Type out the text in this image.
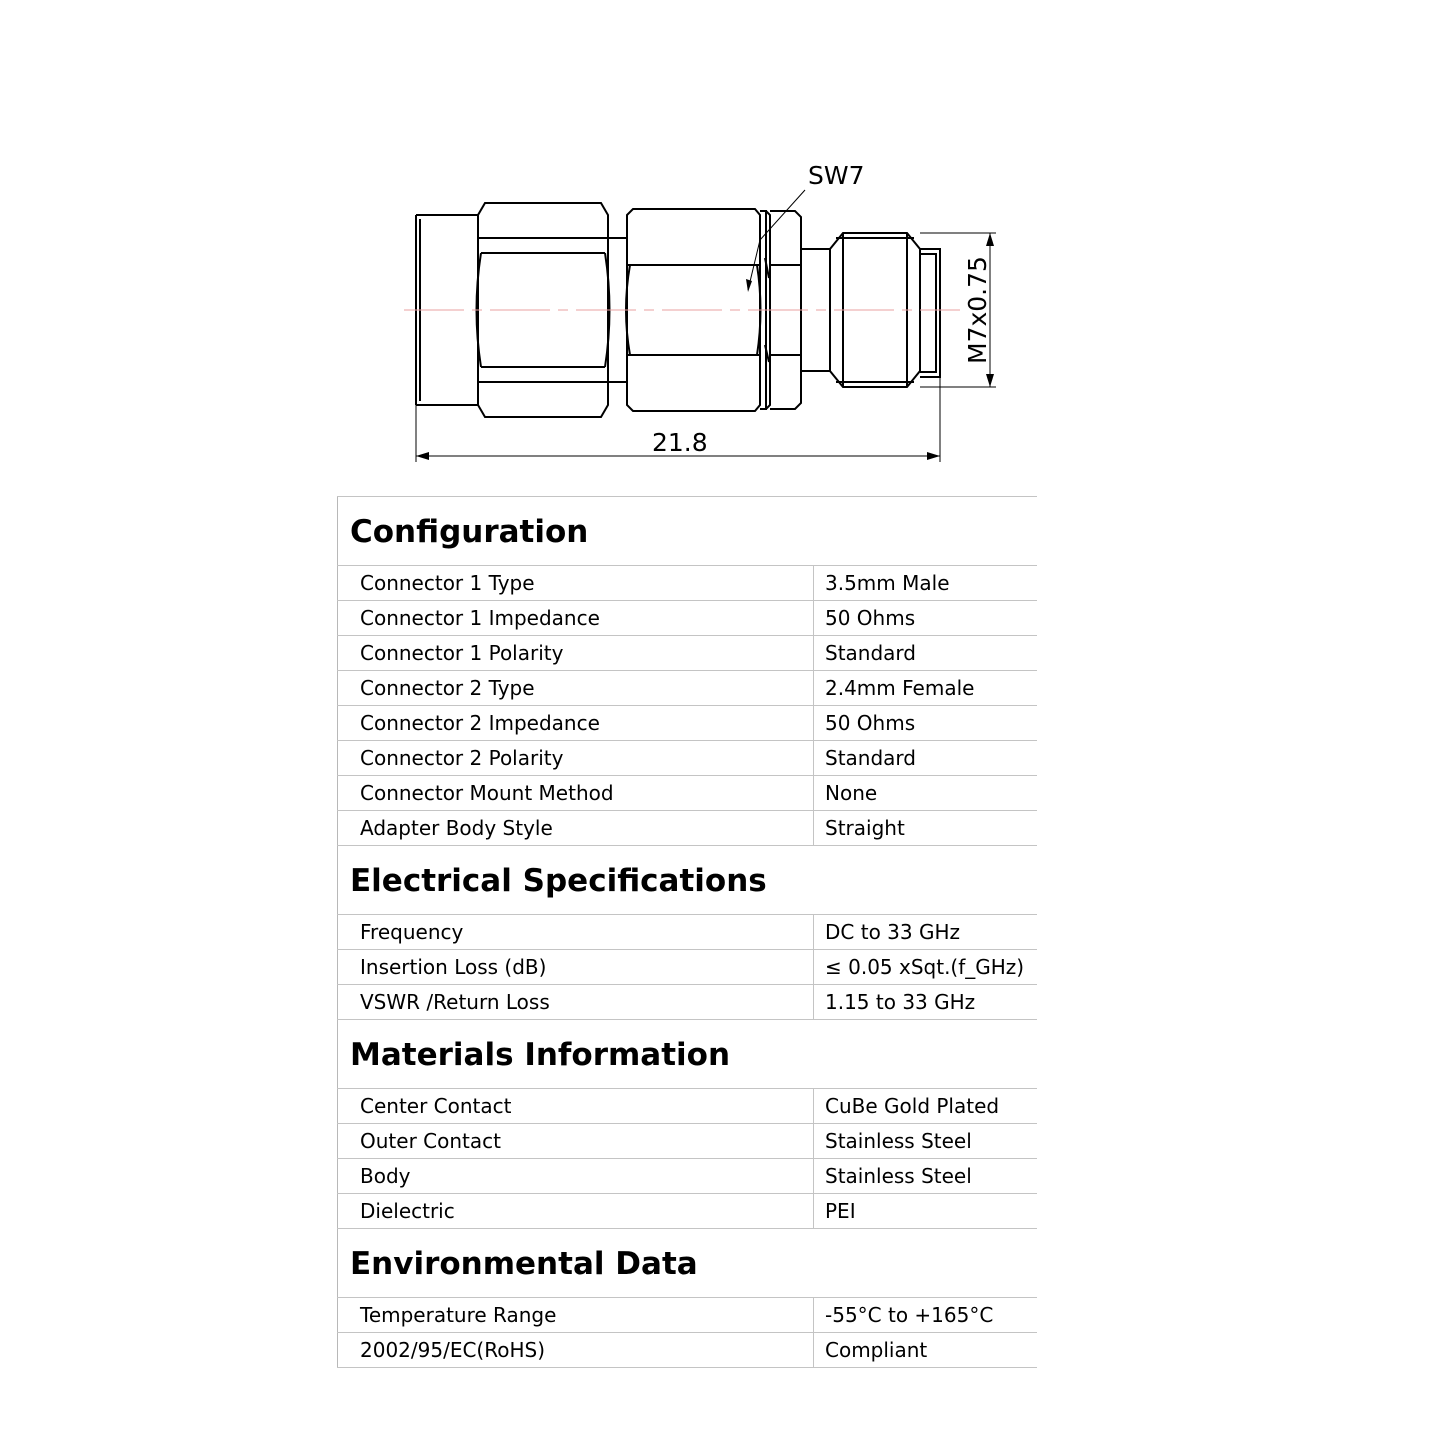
SW7
M7x0.75
21.8
Configuration	
Connector 1 Type	3.5mm Male
Connector 1 Impedance	50 Ohms
Connector 1 Polarity	Standard
Connector 2 Type	2.4mm Female
Connector 2 Impedance	50 Ohms
Connector 2 Polarity	Standard
Connector Mount Method	None
Adapter Body Style	Straight
Electrical Specifications	
Frequency	DC to 33 GHz
Insertion Loss (dB)	≤ 0.05 xSqt.(f_GHz)
VSWR /Return Loss	1.15 to 33 GHz
Materials Information	
Center Contact	CuBe Gold Plated
Outer Contact	Stainless Steel
Body	Stainless Steel
Dielectric	PEI
Environmental Data	
Temperature Range	-55°C to +165°C
2002/95/EC(RoHS)	Compliant
